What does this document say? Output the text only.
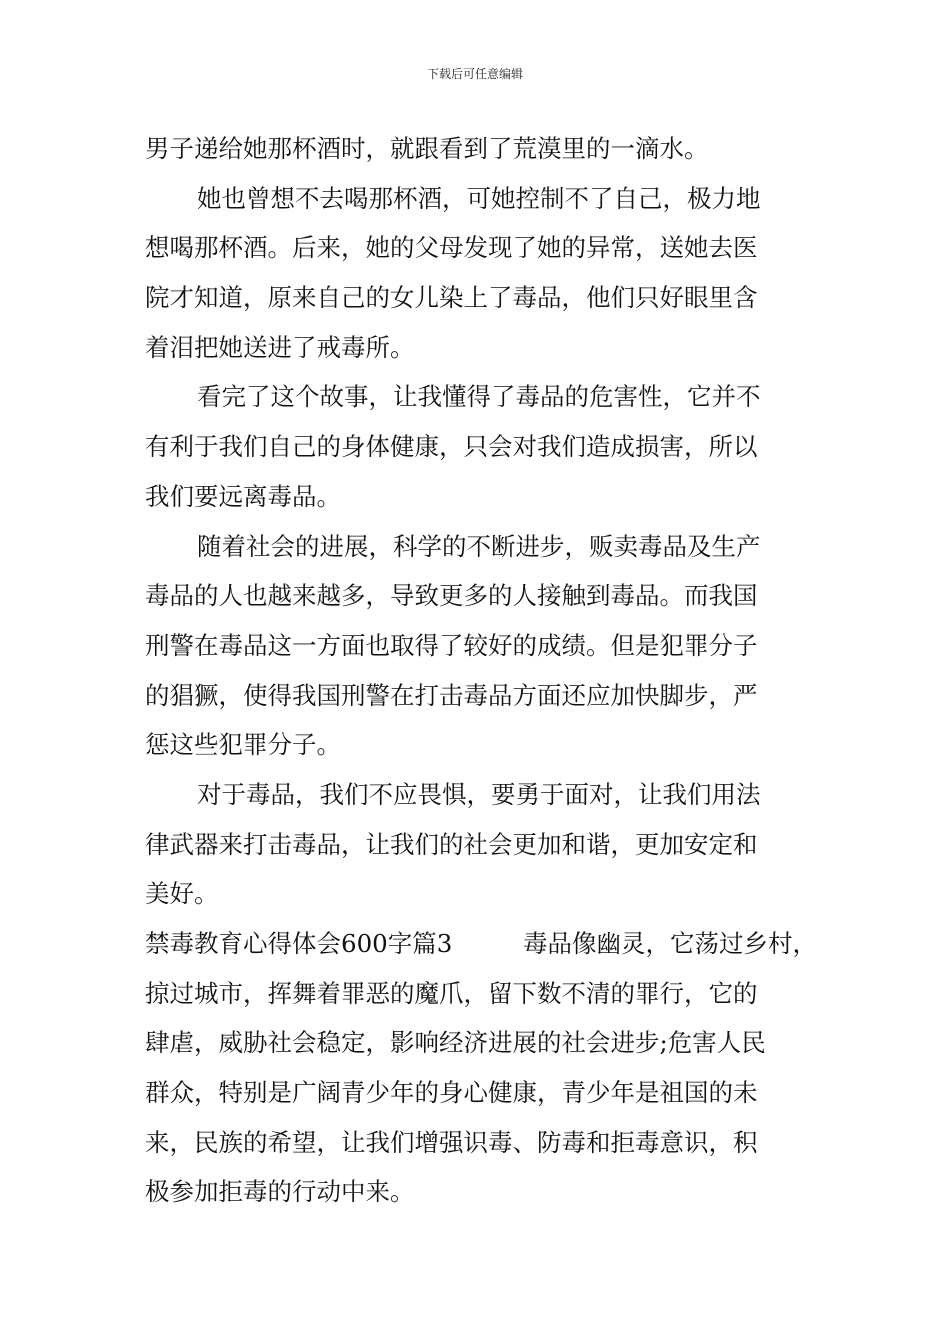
下载后可任意编辑
男子递给她那杯酒时，就跟看到了荒漠里的一滴水。
她也曾想不去喝那杯酒，可她控制不了自己，极力地
想喝那杯酒。后来，她的父母发现了她的异常，送她去医
院才知道，原来自己的女儿染上了毒品，他们只好眼里含
着泪把她送进了戒毒所。
看完了这个故事，让我懂得了毒品的危害性，它并不
有利于我们自己的身体健康，只会对我们造成损害，所以
我们要远离毒品。
随着社会的进展，科学的不断进步，贩卖毒品及生产
毒品的人也越来越多，导致更多的人接触到毒品。而我国
刑警在毒品这一方面也取得了较好的成绩。但是犯罪分子
的猖獗，使得我国刑警在打击毒品方面还应加快脚步，严
惩这些犯罪分子。
对于毒品，我们不应畏惧，要勇于面对，让我们用法
律武器来打击毒品，让我们的社会更加和谐，更加安定和
美好。
禁毒教育心得体会600字篇3	毒品像幽灵，它荡过乡村，
掠过城市，挥舞着罪恶的魔爪，留下数不清的罪行，它的
肆虐，威胁社会稳定，影响经济进展的社会进步;危害人民
群众，特别是广阔青少年的身心健康，青少年是祖国的未
来，民族的希望，让我们增强识毒、防毒和拒毒意识，积
极参加拒毒的行动中来。
